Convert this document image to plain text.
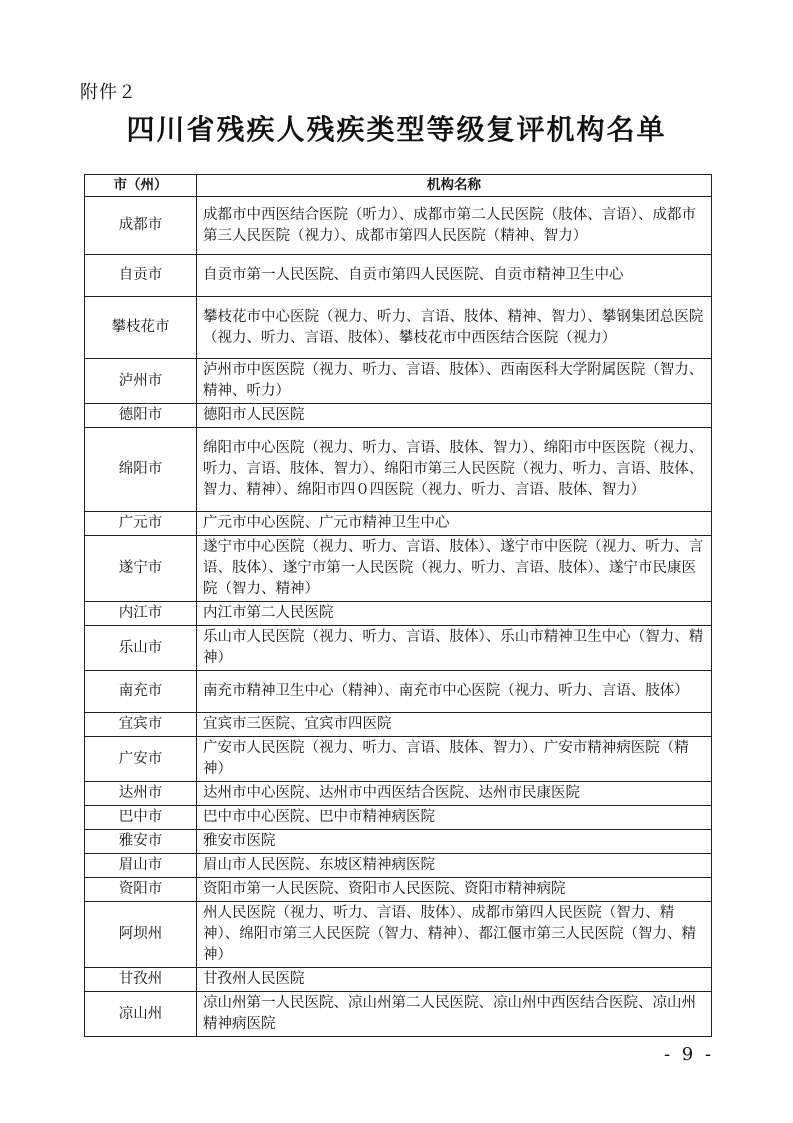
附件２
四川省残疾人残疾类型等级复评机构名单
市（州）	机构名称
成都市	成都市中西医结合医院（听力）、成都市第二人民医院（肢体、言语）、成都市第三人民医院（视力）、成都市第四人民医院（精神、智力）
自贡市	自贡市第一人民医院、自贡市第四人民医院、自贡市精神卫生中心
攀枝花市	攀枝花市中心医院（视力、听力、言语、肢体、精神、智力）、攀钢集团总医院（视力、听力、言语、肢体）、攀枝花市中西医结合医院（视力）
泸州市	泸州市中医医院（视力、听力、言语、肢体）、西南医科大学附属医院（智力、精神、听力）
德阳市	德阳市人民医院
绵阳市	绵阳市中心医院（视力、听力、言语、肢体、智力）、绵阳市中医医院（视力、听力、言语、肢体、智力）、绵阳市第三人民医院（视力、听力、言语、肢体、智力、精神）、绵阳市四０四医院（视力、听力、言语、肢体、智力）
广元市	广元市中心医院、广元市精神卫生中心
遂宁市	遂宁市中心医院（视力、听力、言语、肢体）、遂宁市中医院（视力、听力、言语、肢体）、遂宁市第一人民医院（视力、听力、言语、肢体）、遂宁市民康医院（智力、精神）
内江市	内江市第二人民医院
乐山市	乐山市人民医院（视力、听力、言语、肢体）、乐山市精神卫生中心（智力、精神）
南充市	南充市精神卫生中心（精神）、南充市中心医院（视力、听力、言语、肢体）
宜宾市	宜宾市三医院、宜宾市四医院
广安市	广安市人民医院（视力、听力、言语、肢体、智力）、广安市精神病医院（精神）
达州市	达州市中心医院、达州市中西医结合医院、达州市民康医院
巴中市	巴中市中心医院、巴中市精神病医院
雅安市	雅安市医院
眉山市	眉山市人民医院、东坡区精神病医院
资阳市	资阳市第一人民医院、资阳市人民医院、资阳市精神病院
阿坝州	州人民医院（视力、听力、言语、肢体）、成都市第四人民医院（智力、精神）、绵阳市第三人民医院（智力、精神）、都江偃市第三人民医院（智力、精神）
甘孜州	甘孜州人民医院
凉山州	凉山州第一人民医院、凉山州第二人民医院、凉山州中西医结合医院、凉山州精神病医院
- 9 -
